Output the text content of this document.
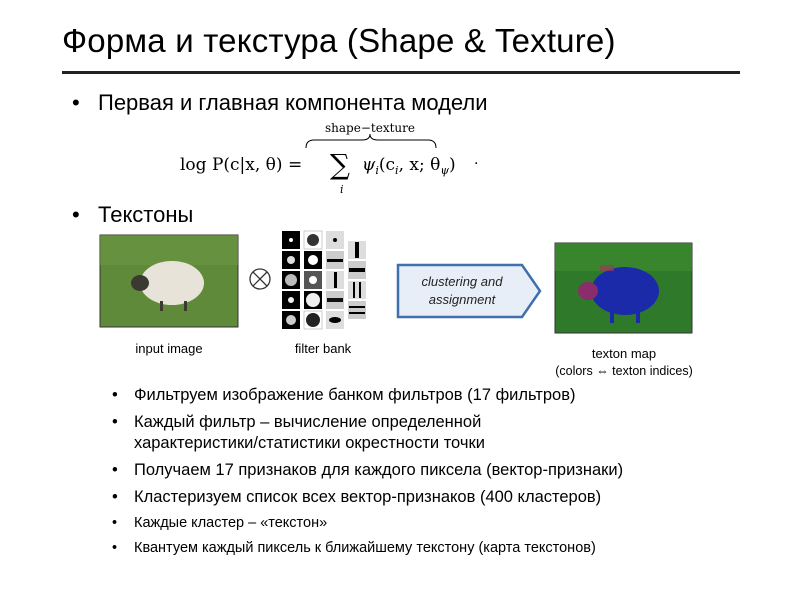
Форма и текстура (Shape & Texture)
• Первая и главная компонента модели
shape−texture
log P(c|x, θ) = ∑
i
$\psi_i(c_i$, x; $\theta_\psi$) ·
• Текстоны
clustering and
assignment
input image	filter bank	texton map
(colors ⇔ texton indices)
• Фильтруем изображение банком фильтров (17 фильтров)
• Каждый фильтр – вычисление определенной характеристики/статистики окрестности точки
• Получаем 17 признаков для каждого пиксела (вектор-признаки)
• Кластеризуем список всех вектор-признаков (400 кластеров)
• Каждые кластер – «текстон»
• Квантуем каждый пиксель к ближайшему текстону (карта текстонов)
